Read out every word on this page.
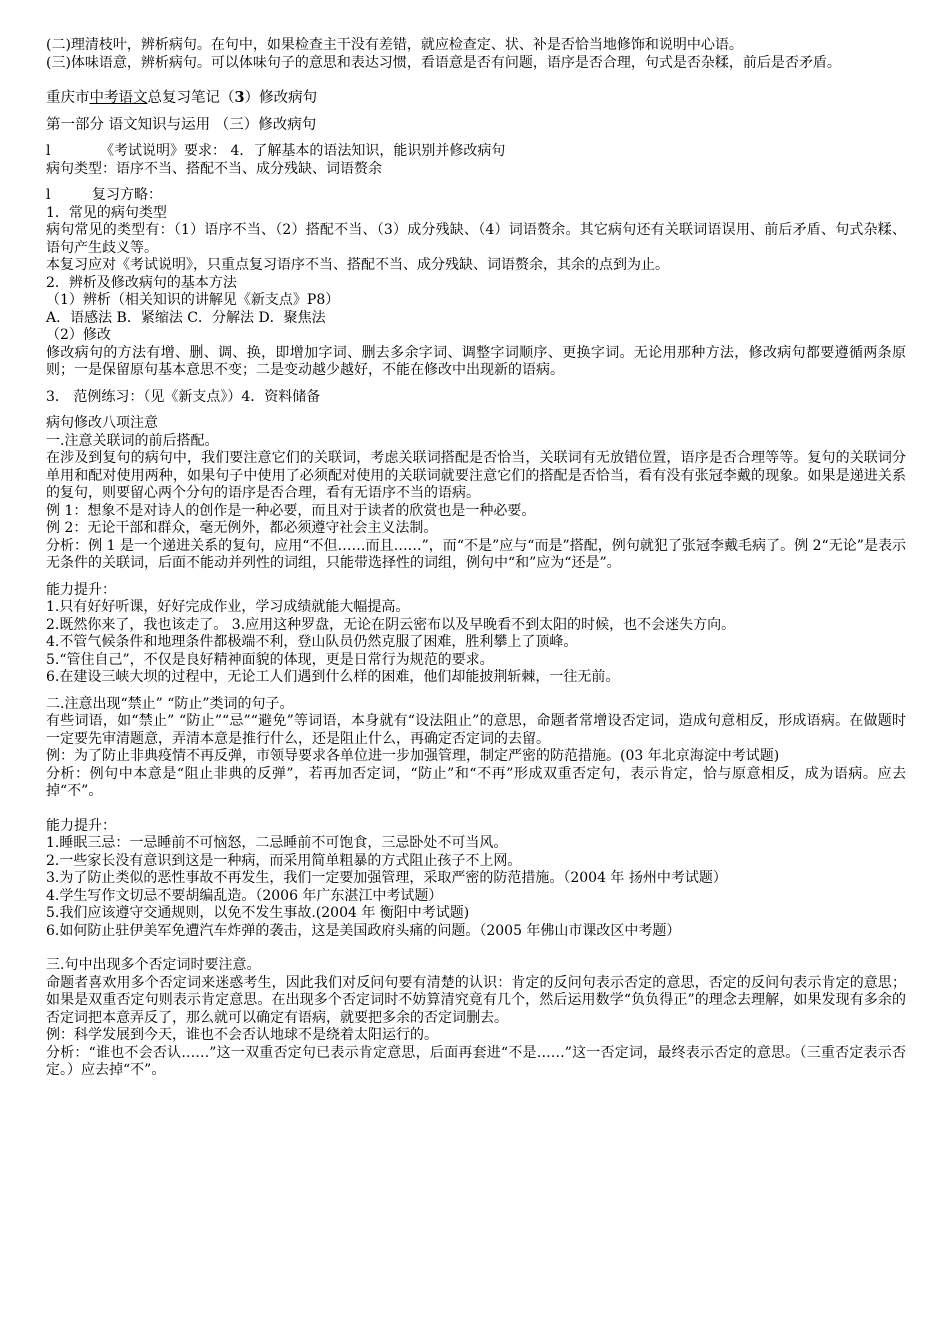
(二)理清枝叶，辨析病句。在句中，如果检查主干没有差错，就应检查定、状、补是否恰当地修饰和说明中心语。

(三)体味语意，辨析病句。可以体味句子的意思和表达习惯，看语意是否有问题，语序是否合理，句式是否杂糅，前后是否矛盾。

重庆市中考语文总复习笔记（3）修改病句

第一部分 语文知识与运用 （三）修改病句

l	《考试说明》要求： 4．了解基本的语法知识，能识别并修改病句

病句类型：语序不当、搭配不当、成分残缺、词语赘余

l	复习方略：

1．常见的病句类型

病句常见的类型有：（1）语序不当、（2）搭配不当、（3）成分残缺、（4）词语赘余。其它病句还有关联词语误用、前后矛盾、句式杂糅、语句产生歧义等。

本复习应对《考试说明》，只重点复习语序不当、搭配不当、成分残缺、词语赘余，其余的点到为止。

2．辨析及修改病句的基本方法

（1）辨析（相关知识的讲解见《新支点》P8）

A．语感法 B．紧缩法 C．分解法 D．聚焦法

（2）修改

修改病句的方法有增、删、调、换，即增加字词、删去多余字词、调整字词顺序、更换字词。无论用那种方法，修改病句都要遵循两条原则；一是保留原句基本意思不变；二是变动越少越好，不能在修改中出现新的语病。

3． 范例练习：（见《新支点》）4．资料储备

病句修改八项注意

一.注意关联词的前后搭配。

在涉及到复句的病句中，我们要注意它们的关联词，考虑关联词搭配是否恰当，关联词有无放错位置，语序是否合理等等。复句的关联词分单用和配对使用两种，如果句子中使用了必须配对使用的关联词就要注意它们的搭配是否恰当，看有没有张冠李戴的现象。如果是递进关系的复句，则要留心两个分句的语序是否合理，看有无语序不当的语病。

例 1：想象不是对诗人的创作是一种必要，而且对于读者的欣赏也是一种必要。

例 2：无论干部和群众，毫无例外，都必须遵守社会主义法制。

分析：例 1 是一个递进关系的复句，应用“不但……而且……”，而“不是”应与“而是”搭配，例句就犯了张冠李戴毛病了。例 2“无论”是表示无条件的关联词，后面不能动并列性的词组，只能带选择性的词组，例句中“和”应为“还是”。

能力提升：

1.只有好好听课，好好完成作业，学习成绩就能大幅提高。

2.既然你来了，我也该走了。 3.应用这种罗盘，无论在阴云密布以及早晚看不到太阳的时候，也不会迷失方向。

4.不管气候条件和地理条件都极端不利，登山队员仍然克服了困难，胜利攀上了顶峰。

5.“管住自己”，不仅是良好精神面貌的体现，更是日常行为规范的要求。

6.在建设三峡大坝的过程中，无论工人们遇到什么样的困难，他们却能披荆斩棘，一往无前。

二.注意出现“禁止” “防止”类词的句子。

有些词语，如“禁止” “防止”“忌”“避免”等词语，本身就有“设法阻止”的意思，命题者常增设否定词，造成句意相反，形成语病。在做题时一定要先审清题意，弄清本意是推行什么，还是阻止什么，再确定否定词的去留。

例：为了防止非典疫情不再反弹，市领导要求各单位进一步加强管理，制定严密的防范措施。(03 年北京海淀中考试题)

分析：例句中本意是“阻止非典的反弹”，若再加否定词，“防止”和“不再”形成双重否定句，表示肯定，恰与原意相反，成为语病。应去掉“不”。

能力提升：

1.睡眠三忌：一忌睡前不可恼怒，二忌睡前不可饱食，三忌卧处不可当风。

2.一些家长没有意识到这是一种病，而采用简单粗暴的方式阻止孩子不上网。

3.为了防止类似的恶性事故不再发生，我们一定要加强管理，采取严密的防范措施。（2004 年 扬州中考试题）

4.学生写作文切忌不要胡编乱造。（2006 年广东湛江中考试题）

5.我们应该遵守交通规则，以免不发生事故.(2004 年 衡阳中考试题)

6.如何防止驻伊美军免遭汽车炸弹的袭击，这是美国政府头痛的问题。（2005 年佛山市课改区中考题）

三.句中出现多个否定词时要注意。

命题者喜欢用多个否定词来迷惑考生，因此我们对反问句要有清楚的认识：肯定的反问句表示否定的意思，否定的反问句表示肯定的意思；如果是双重否定句则表示肯定意思。在出现多个否定词时不妨算清究竟有几个，然后运用数学“负负得正”的理念去理解，如果发现有多余的否定词把本意弄反了，那么就可以确定有语病，就要把多余的否定词删去。

例：科学发展到今天，谁也不会否认地球不是绕着太阳运行的。

分析：“谁也不会否认……”这一双重否定句已表示肯定意思，后面再套进“不是……”这一否定词，最终表示否定的意思。（三重否定表示否定。）应去掉“不”。
